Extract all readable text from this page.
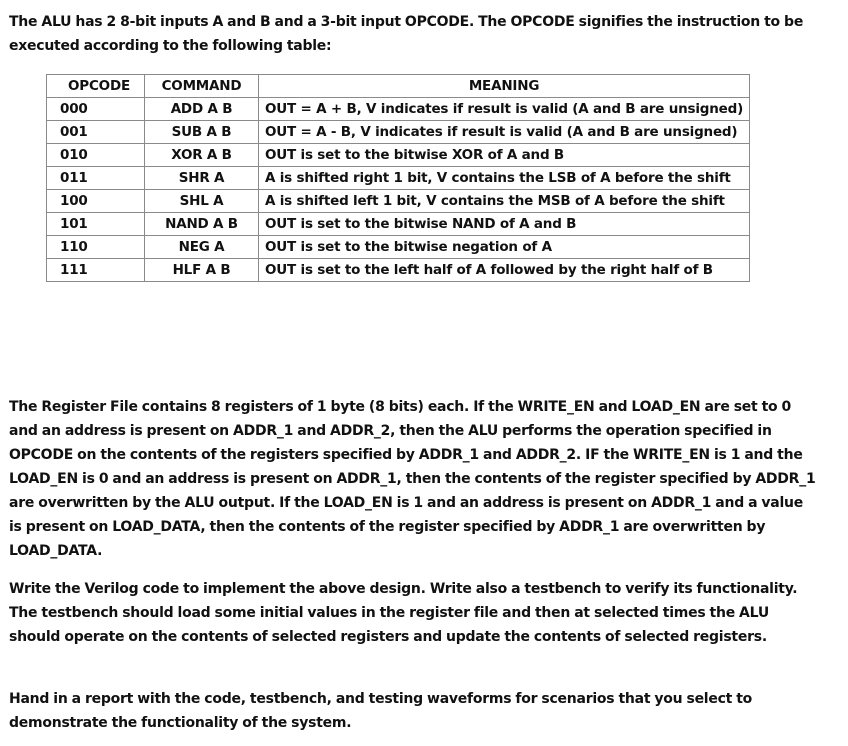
The ALU has 2 8-bit inputs A and B and a 3-bit input OPCODE. The OPCODE signifies the instruction to be executed according to the following table:

OPCODE	COMMAND	MEANING
000	ADD A B	OUT = A + B, V indicates if result is valid (A and B are unsigned)
001	SUB A B	OUT = A - B, V indicates if result is valid (A and B are unsigned)
010	XOR A B	OUT is set to the bitwise XOR of A and B
011	SHR A	A is shifted right 1 bit, V contains the LSB of A before the shift
100	SHL A	A is shifted left 1 bit, V contains the MSB of A before the shift
101	NAND A B	OUT is set to the bitwise NAND of A and B
110	NEG A	OUT is set to the bitwise negation of A
111	HLF A B	OUT is set to the left half of A followed by the right half of B

The Register File contains 8 registers of 1 byte (8 bits) each. If the WRITE_EN and LOAD_EN are set to 0 and an address is present on ADDR_1 and ADDR_2, then the ALU performs the operation specified in OPCODE on the contents of the registers specified by ADDR_1 and ADDR_2. IF the WRITE_EN is 1 and the LOAD_EN is 0 and an address is present on ADDR_1, then the contents of the register specified by ADDR_1 are overwritten by the ALU output. If the LOAD_EN is 1 and an address is present on ADDR_1 and a value is present on LOAD_DATA, then the contents of the register specified by ADDR_1 are overwritten by LOAD_DATA.

Write the Verilog code to implement the above design. Write also a testbench to verify its functionality. The testbench should load some initial values in the register file and then at selected times the ALU should operate on the contents of selected registers and update the contents of selected registers.

Hand in a report with the code, testbench, and testing waveforms for scenarios that you select to demonstrate the functionality of the system.
